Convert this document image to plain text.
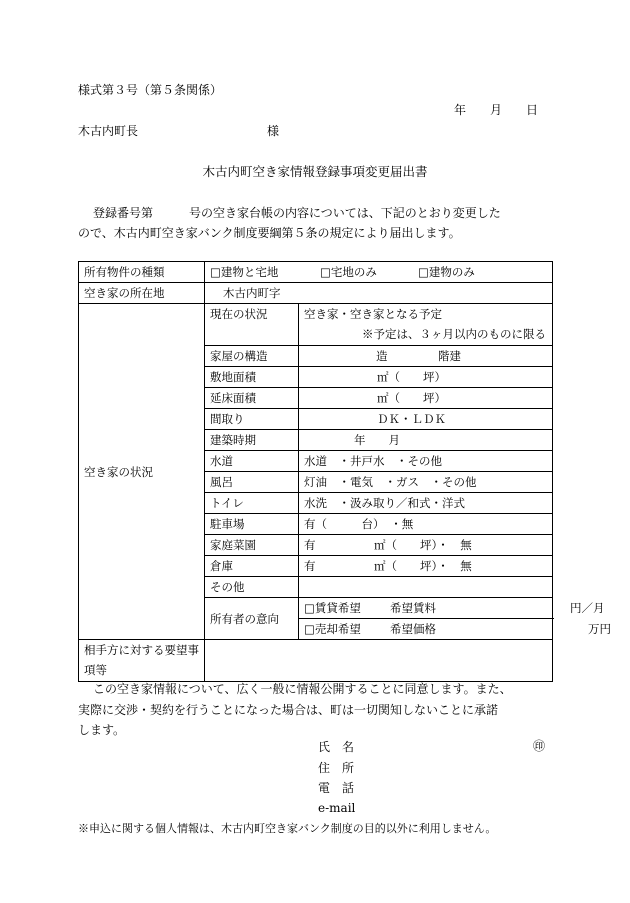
様式第３号（第５条関係）
年　　月　　日
木古内町長	様
木古内町空き家情報登録事項変更届出書
登録番号第　　　号の空き家台帳の内容については、下記のとおり変更した
ので、木古内町空き家バンク制度要綱第５条の規定により届出します。
所有物件の種類	□建物と宅地 □宅地のみ □建物のみ	
空き家の所在地	木古内町字	
空き家の状況	現在の状況	空き家・空き家となる予定
※予定は、３ヶ月以内のものに限る

	家屋の構造	造 階建
	敷地面積	㎡（　　坪）
	延床面積	㎡（　　坪）
	間取り	ＤＫ・ＬＤＫ
	建築時期	年　　月
	水道	水道　・井戸水　・その他
	風呂	灯油　・電気　・ガス　・その他
	トイレ	水洗　・汲み取り／和式・洋式
	駐車場	有（　　　台）　・無
	家庭菜園	有 ㎡（　　坪）・　無
	倉庫	有 ㎡（　　坪）・　無
	その他	
	所有者の意向	□賃貸希望 希望賃料 円／月
		□売却希望 希望価格 万円
相手方に対する要望事項等		
この空き家情報について、広く一般に情報公開することに同意します。また、
実際に交渉・契約を行うことになった場合は、町は一切関知しないことに承諾
します。
氏　名	㊞
住　所
電　話
e-mail
※申込に関する個人情報は、木古内町空き家バンク制度の目的以外に利用しません。
